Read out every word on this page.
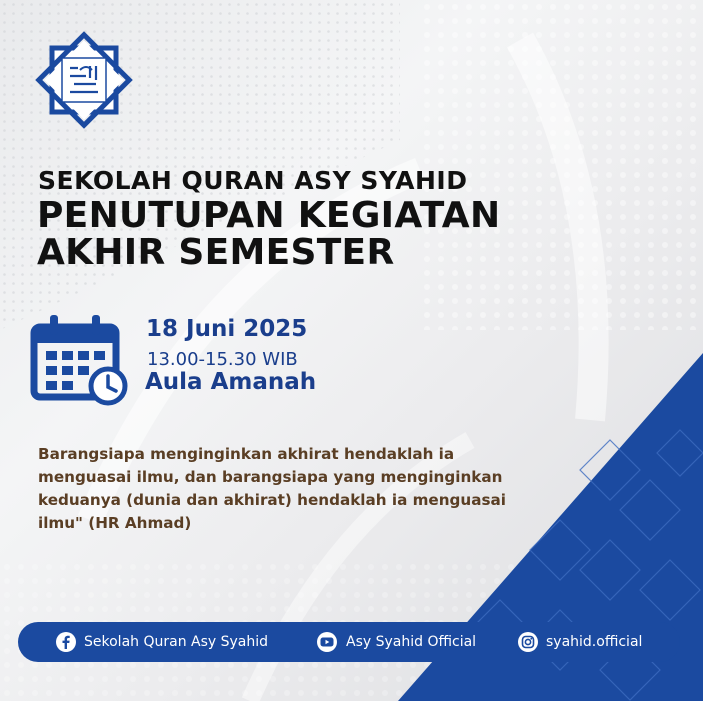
SEKOLAH QURAN ASY SYAHID
PENUTUPAN KEGIATAN
AKHIR SEMESTER
18 Juni 2025
13.00-15.30 WIB
Aula Amanah

Barangsiapa menginginkan akhirat hendaklah ia menguasai ilmu, dan barangsiapa yang menginginkan keduanya (dunia dan akhirat) hendaklah ia menguasai ilmu" (HR Ahmad)

Sekolah Quran Asy Syahid	Asy Syahid Official	syahid.official
